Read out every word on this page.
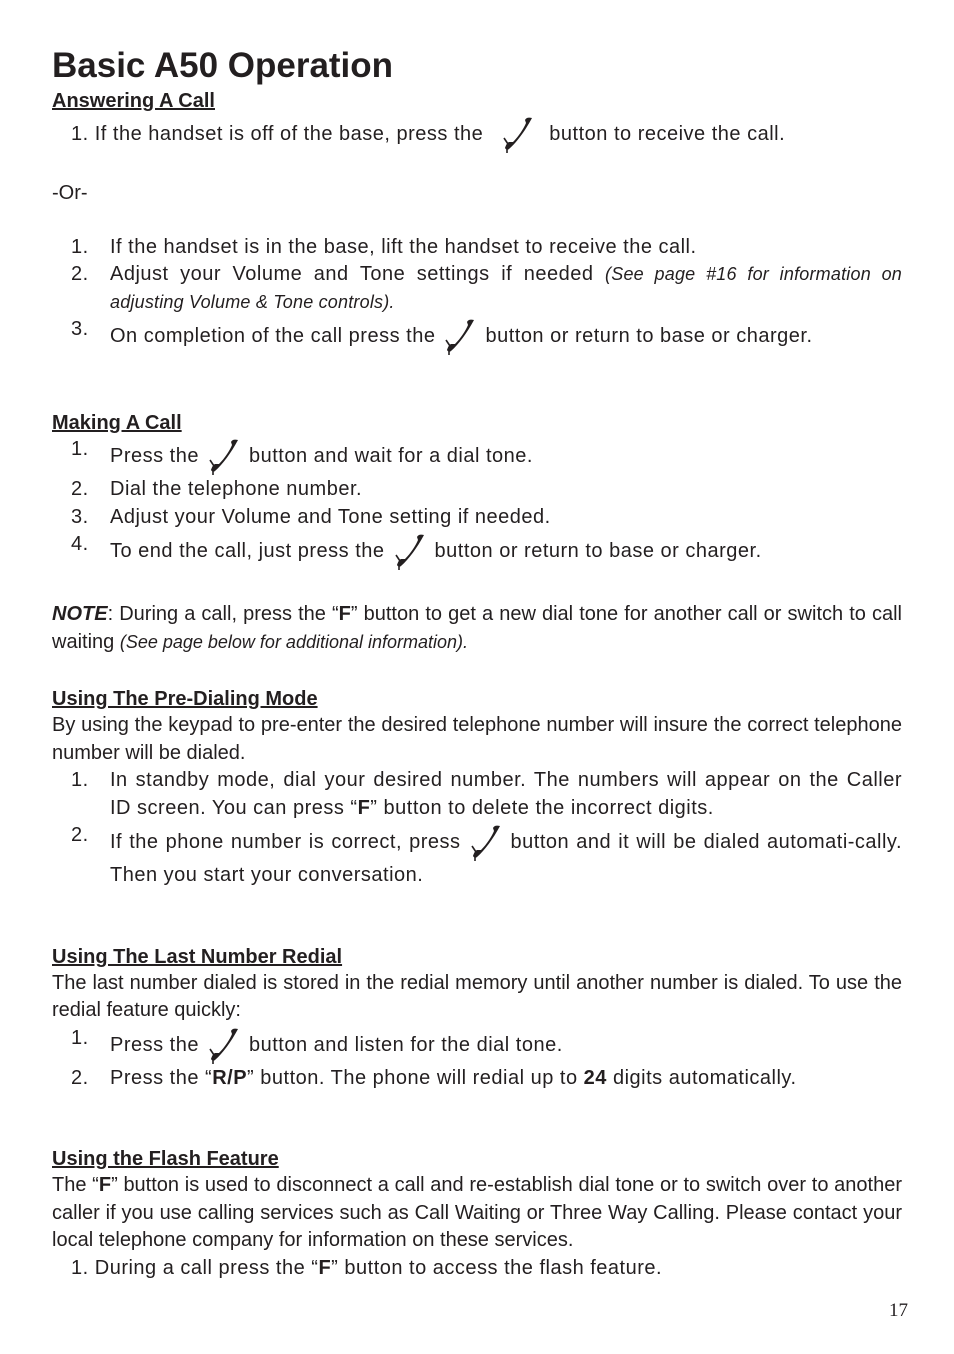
Basic A50 Operation
Answering A Call

1. If the handset is off of the base, press the	button to receive the call.

-Or-

1. If the handset is in the base, lift the handset to receive the call.
2. Adjust your Volume and Tone settings if needed (See page #16 for information on adjusting Volume & Tone controls).
3. On completion of the call press the	button or return to base or charger.
Making A Call
1. Press the	button and wait for a dial tone.
2. Dial the telephone number.
3. Adjust your Volume and Tone setting if needed.
4. To end the call, just press the	button or return to base or charger.

NOTE: During a call, press the “F” button to get a new dial tone for another call or switch to call waiting (See page below for additional information).

Using The Pre-Dialing Mode

By using the keypad to pre-enter the desired telephone number will insure the correct telephone number will be dialed.

1. In standby mode, dial your desired number. The numbers will appear on the Caller ID screen. You can press “F” button to delete the incorrect digits.
2. If the phone number is correct, press	button and it will be dialed automati-cally. Then you start your conversation.
Using The Last Number Redial

The last number dialed is stored in the redial memory until another number is dialed. To use the redial feature quickly:

1. Press the	button and listen for the dial tone.
2. Press the “R/P” button. The phone will redial up to 24 digits automatically.
Using the Flash Feature

The “F” button is used to disconnect a call and re-establish dial tone or to switch over to another caller if you use calling services such as Call Waiting or Three Way Calling. Please contact your local telephone company for information on these services.

1. During a call press the “F” button to access the flash feature.

17
